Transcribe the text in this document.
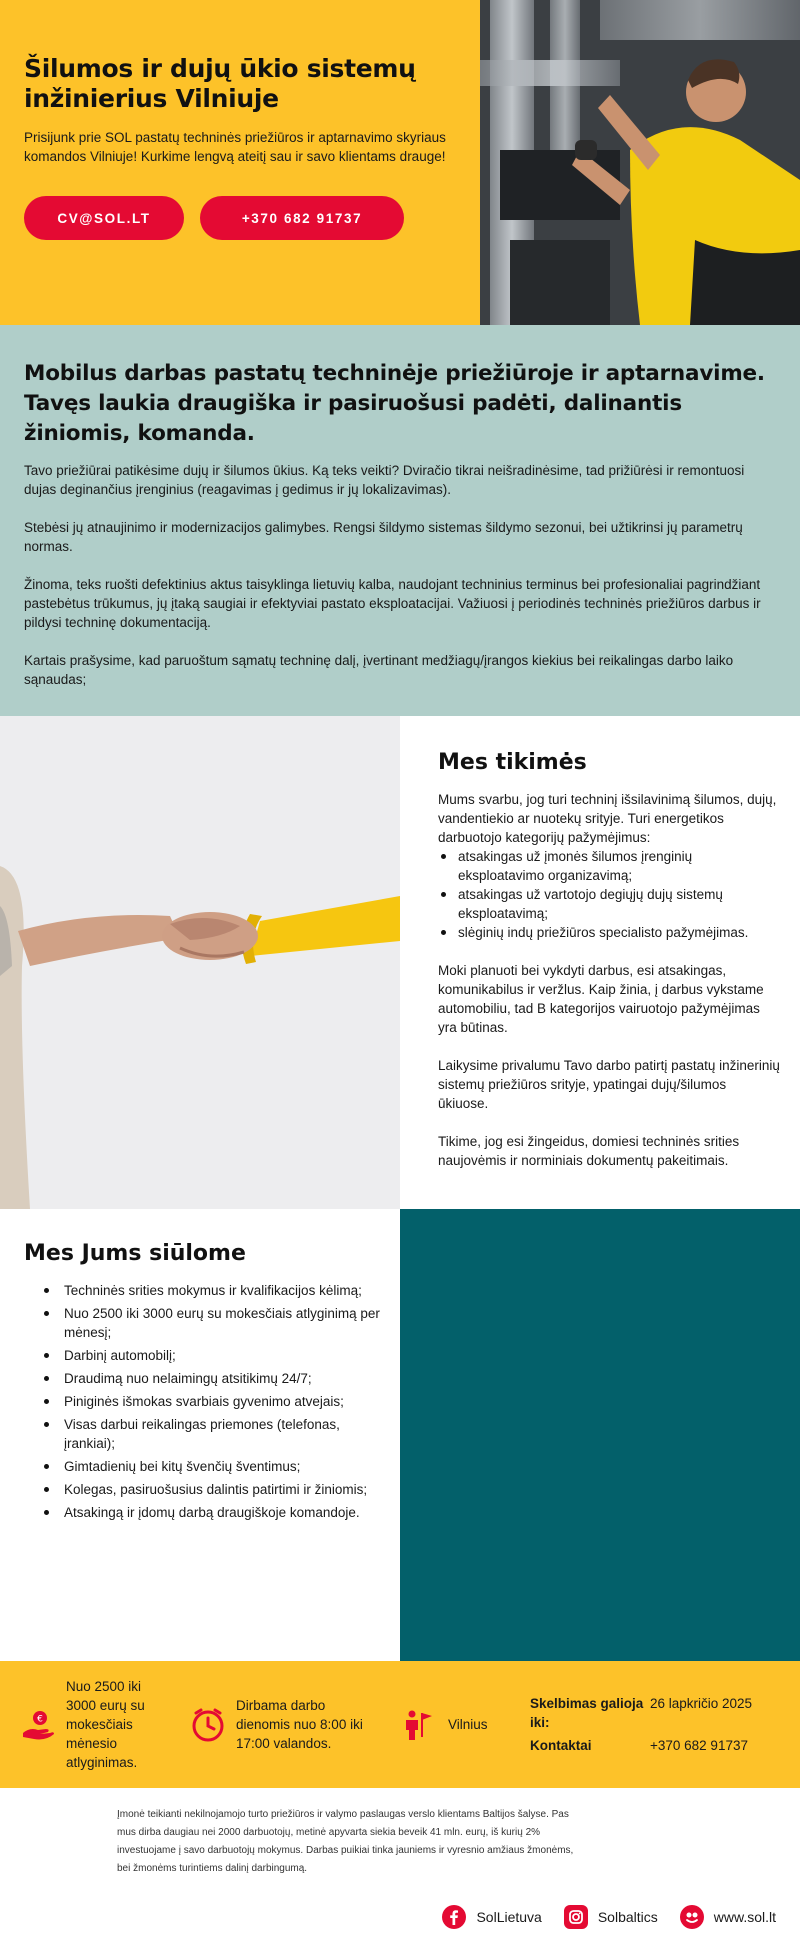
Šilumos ir dujų ūkio sistemų inžinierius Vilniuje

Prisijunk prie SOL pastatų techninės priežiūros ir aptarnavimo skyriaus komandos Vilniuje! Kurkime lengvą ateitį sau ir savo klientams drauge!

CV@SOL.LT	+370 682 91737
Mobilus darbas pastatų techninėje priežiūroje ir aptarnavime. Tavęs laukia draugiška ir pasiruošusi padėti, dalinantis žiniomis, komanda.

Tavo priežiūrai patikėsime dujų ir šilumos ūkius. Ką teks veikti? Dviračio tikrai neišradinėsime, tad prižiūrėsi ir remontuosi dujas deginančius įrenginius (reagavimas į gedimus ir jų lokalizavimas).

Stebėsi jų atnaujinimo ir modernizacijos galimybes. Rengsi šildymo sistemas šildymo sezonui, bei užtikrinsi jų parametrų normas.

Žinoma, teks ruošti defektinius aktus taisyklinga lietuvių kalba, naudojant techninius terminus bei profesionaliai pagrindžiant pastebėtus trūkumus, jų įtaką saugiai ir efektyviai pastato eksploatacijai. Važiuosi į periodinės techninės priežiūros darbus ir pildysi techninę dokumentaciją.

Kartais prašysime, kad paruoštum sąmatų techninę dalį, įvertinant medžiagų/įrangos kiekius bei reikalingas darbo laiko sąnaudas;

Mes tikimės

Mums svarbu, jog turi techninį išsilavinimą šilumos, dujų, vandentiekio ar nuotekų srityje. Turi energetikos darbuotojo kategorijų pažymėjimus:

atsakingas už įmonės šilumos įrenginių eksploatavimo organizavimą;
atsakingas už vartotojo degiųjų dujų sistemų eksploatavimą;
slėginių indų priežiūros specialisto pažymėjimas.

Moki planuoti bei vykdyti darbus, esi atsakingas, komunikabilus ir veržlus. Kaip žinia, į darbus vykstame automobiliu, tad B kategorijos vairuotojo pažymėjimas yra būtinas.

Laikysime privalumu Tavo darbo patirtį pastatų inžinerinių sistemų priežiūros srityje, ypatingai dujų/šilumos ūkiuose.

Tikime, jog esi žingeidus, domiesi techninės srities naujovėmis ir norminiais dokumentų pakeitimais.

Mes Jums siūlome
Techninės srities mokymus ir kvalifikacijos kėlimą;
Nuo 2500 iki 3000 eurų su mokesčiais atlyginimą per mėnesį;
Darbinį automobilį;
Draudimą nuo nelaimingų atsitikimų 24/7;
Piniginės išmokas svarbiais gyvenimo atvejais;
Visas darbui reikalingas priemones (telefonas, įrankiai);
Gimtadienių bei kitų švenčių šventimus;
Kolegas, pasiruošusius dalintis patirtimi ir žiniomis;
Atsakingą ir įdomų darbą draugiškoje komandoje.
€
Nuo 2500 iki 3000 eurų su mokesčiais mėnesio atlyginimas.
Dirbama darbo dienomis nuo 8:00 iki 17:00 valandos.
Vilnius
Skelbimas galioja iki:
26 lapkričio 2025
Kontaktai	+370 682 91737

Įmonė teikianti nekilnojamojo turto priežiūros ir valymo paslaugas verslo klientams Baltijos šalyse. Pas mus dirba daugiau nei 2000 darbuotojų, metinė apyvarta siekia beveik 41 mln. eurų, iš kurių 2% investuojame į savo darbuotojų mokymus. Darbas puikiai tinka jauniems ir vyresnio amžiaus žmonėms, bei žmonėms turintiems dalinį darbingumą.

SolLietuva	Solbaltics	www.sol.lt
